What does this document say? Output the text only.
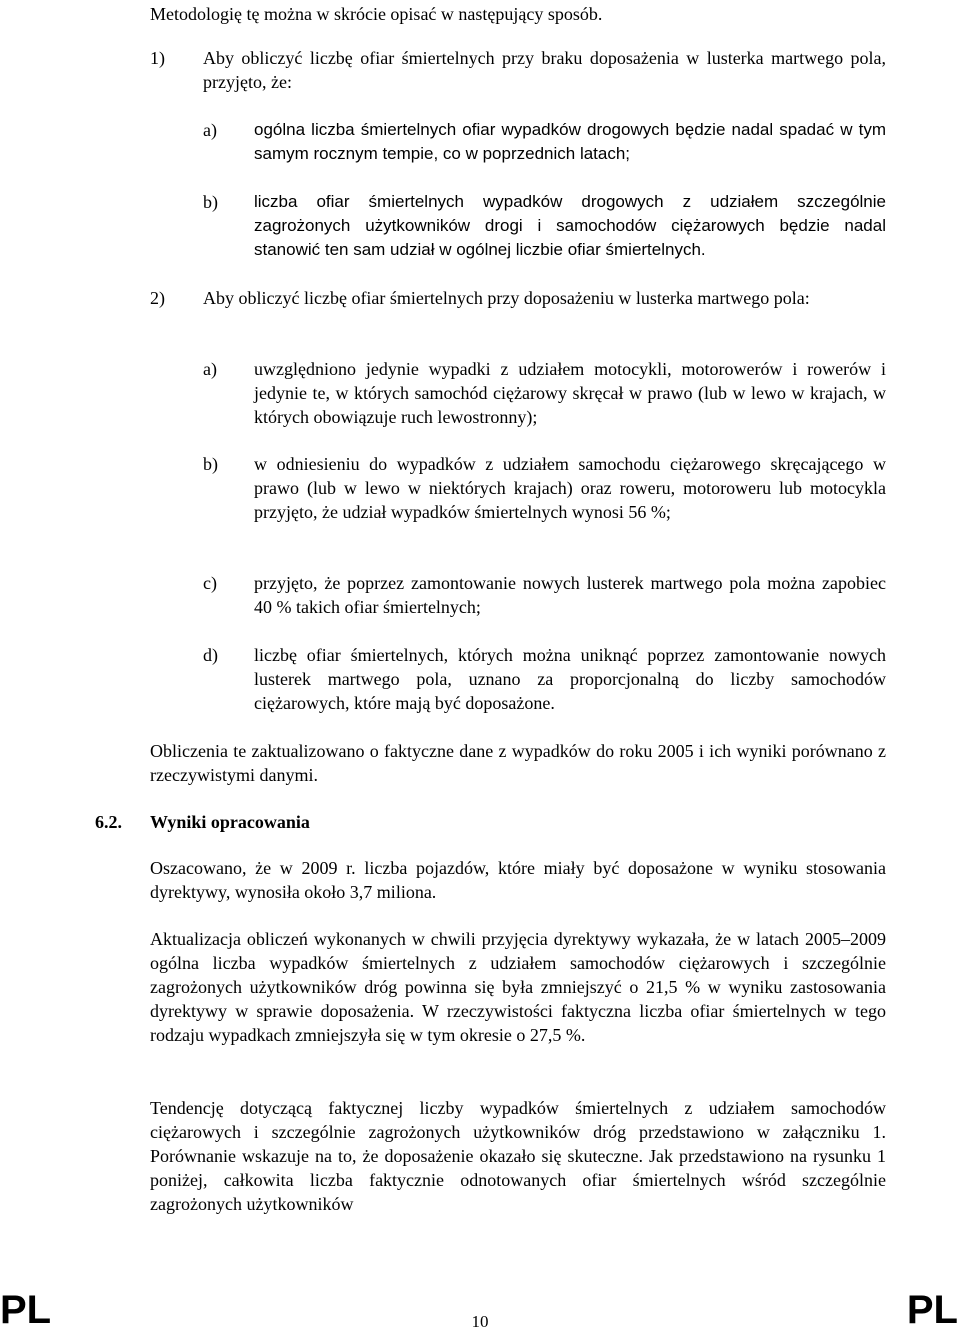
Metodologię tę można w skrócie opisać w następujący sposób.

1) Aby obliczyć liczbę ofiar śmiertelnych przy braku doposażenia w lusterka martwego pola, przyjęto, że:

a) ogólna liczba śmiertelnych ofiar wypadków drogowych będzie nadal spadać w tym samym rocznym tempie, co w poprzednich latach;

b) liczba ofiar śmiertelnych wypadków drogowych z udziałem szczególnie zagrożonych użytkowników drogi i samochodów ciężarowych będzie nadal stanowić ten sam udział w ogólnej liczbie ofiar śmiertelnych.

2) Aby obliczyć liczbę ofiar śmiertelnych przy doposażeniu w lusterka martwego pola:

a) uwzględniono jedynie wypadki z udziałem motocykli, motorowerów i rowerów i jedynie te, w których samochód ciężarowy skręcał w prawo (lub w lewo w krajach, w których obowiązuje ruch lewostronny);

b) w odniesieniu do wypadków z udziałem samochodu ciężarowego skręcającego w prawo (lub w lewo w niektórych krajach) oraz roweru, motoroweru lub motocykla przyjęto, że udział wypadków śmiertelnych wynosi 56 %;

c) przyjęto, że poprzez zamontowanie nowych lusterek martwego pola można zapobiec 40 % takich ofiar śmiertelnych;

d) liczbę ofiar śmiertelnych, których można uniknąć poprzez zamontowanie nowych lusterek martwego pola, uznano za proporcjonalną do liczby samochodów ciężarowych, które mają być doposażone.

Obliczenia te zaktualizowano o faktyczne dane z wypadków do roku 2005 i ich wyniki porównano z rzeczywistymi danymi.

6.2. Wyniki opracowania

Oszacowano, że w 2009 r. liczba pojazdów, które miały być doposażone w wyniku stosowania dyrektywy, wynosiła około 3,7 miliona.

Aktualizacja obliczeń wykonanych w chwili przyjęcia dyrektywy wykazała, że w latach 2005–2009 ogólna liczba wypadków śmiertelnych z udziałem samochodów ciężarowych i szczególnie zagrożonych użytkowników dróg powinna się była zmniejszyć o 21,5 % w wyniku zastosowania dyrektywy w sprawie doposażenia. W rzeczywistości faktyczna liczba ofiar śmiertelnych w tego rodzaju wypadkach zmniejszyła się w tym okresie o 27,5 %.

Tendencję dotyczącą faktycznej liczby wypadków śmiertelnych z udziałem samochodów ciężarowych i szczególnie zagrożonych użytkowników dróg przedstawiono w załączniku 1. Porównanie wskazuje na to, że doposażenie okazało się skuteczne. Jak przedstawiono na rysunku 1 poniżej, całkowita liczba faktycznie odnotowanych ofiar śmiertelnych wśród szczególnie zagrożonych użytkowników

PL	10	PL
